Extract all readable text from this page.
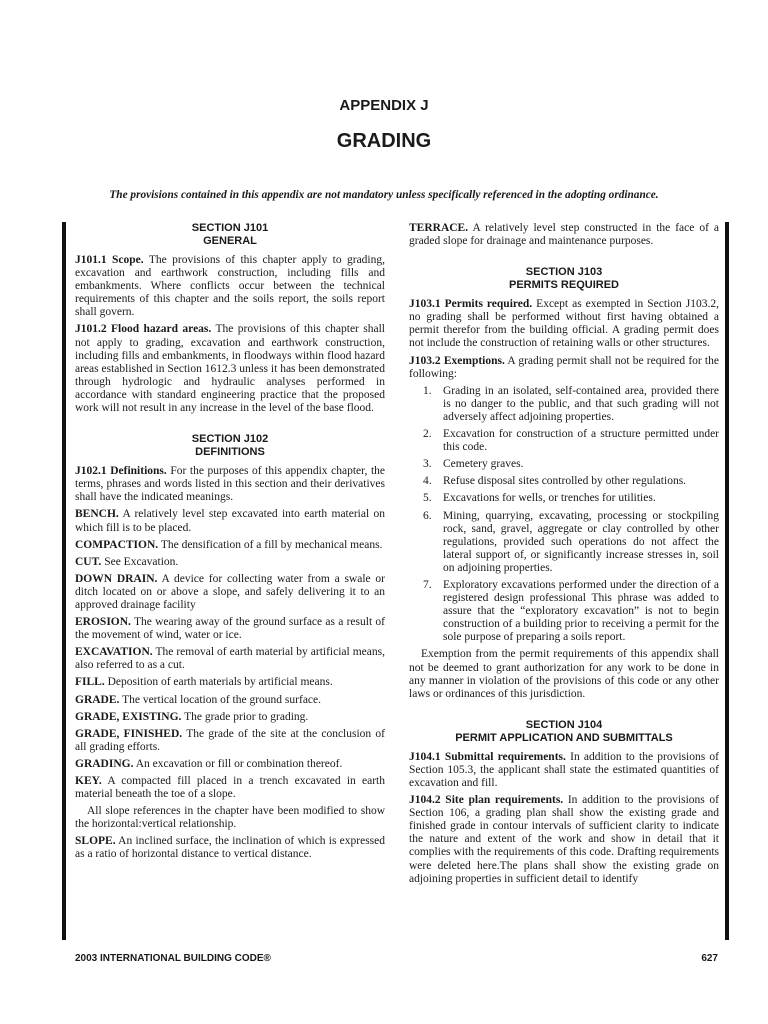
APPENDIX J
GRADING
The provisions contained in this appendix are not mandatory unless specifically referenced in the adopting ordinance.
SECTION J101
GENERAL

J101.1 Scope. The provisions of this chapter apply to grading, excavation and earthwork construction, including fills and embankments. Where conflicts occur between the technical requirements of this chapter and the soils report, the soils report shall govern.

J101.2 Flood hazard areas. The provisions of this chapter shall not apply to grading, excavation and earthwork construction, including fills and embankments, in floodways within flood hazard areas established in Section 1612.3 unless it has been demonstrated through hydrologic and hydraulic analyses performed in accordance with standard engineering practice that the proposed work will not result in any increase in the level of the base flood.

SECTION J102
DEFINITIONS

J102.1 Definitions. For the purposes of this appendix chapter, the terms, phrases and words listed in this section and their derivatives shall have the indicated meanings.

BENCH. A relatively level step excavated into earth material on which fill is to be placed.

COMPACTION. The densification of a fill by mechanical means.

CUT. See Excavation.

DOWN DRAIN. A device for collecting water from a swale or ditch located on or above a slope, and safely delivering it to an approved drainage facility

EROSION. The wearing away of the ground surface as a result of the movement of wind, water or ice.

EXCAVATION. The removal of earth material by artificial means, also referred to as a cut.

FILL. Deposition of earth materials by artificial means.

GRADE. The vertical location of the ground surface.

GRADE, EXISTING. The grade prior to grading.

GRADE, FINISHED. The grade of the site at the conclusion of all grading efforts.

GRADING. An excavation or fill or combination thereof.

KEY. A compacted fill placed in a trench excavated in earth material beneath the toe of a slope.

All slope references in the chapter have been modified to show the horizontal:vertical relationship.

SLOPE. An inclined surface, the inclination of which is expressed as a ratio of horizontal distance to vertical distance.

TERRACE. A relatively level step constructed in the face of a graded slope for drainage and maintenance purposes.

SECTION J103
PERMITS REQUIRED

J103.1 Permits required. Except as exempted in Section J103.2, no grading shall be performed without first having obtained a permit therefor from the building official. A grading permit does not include the construction of retaining walls or other structures.

J103.2 Exemptions. A grading permit shall not be required for the following:

1. Grading in an isolated, self-contained area, provided there is no danger to the public, and that such grading will not adversely affect adjoining properties.
2. Excavation for construction of a structure permitted under this code.
3. Cemetery graves.
4. Refuse disposal sites controlled by other regulations.
5. Excavations for wells, or trenches for utilities.
6. Mining, quarrying, excavating, processing or stockpiling rock, sand, gravel, aggregate or clay controlled by other regulations, provided such operations do not affect the lateral support of, or significantly increase stresses in, soil on adjoining properties.
7. Exploratory excavations performed under the direction of a registered design professional This phrase was added to assure that the “exploratory excavation” is not to begin construction of a building prior to receiving a permit for the sole purpose of preparing a soils report.

Exemption from the permit requirements of this appendix shall not be deemed to grant authorization for any work to be done in any manner in violation of the provisions of this code or any other laws or ordinances of this jurisdiction.

SECTION J104
PERMIT APPLICATION AND SUBMITTALS

J104.1 Submittal requirements. In addition to the provisions of Section 105.3, the applicant shall state the estimated quantities of excavation and fill.

J104.2 Site plan requirements. In addition to the provisions of Section 106, a grading plan shall show the existing grade and finished grade in contour intervals of sufficient clarity to indicate the nature and extent of the work and show in detail that it complies with the requirements of this code. Drafting requirements were deleted here.The plans shall show the existing grade on adjoining properties in sufficient detail to identify

2003 INTERNATIONAL BUILDING CODE®	627
